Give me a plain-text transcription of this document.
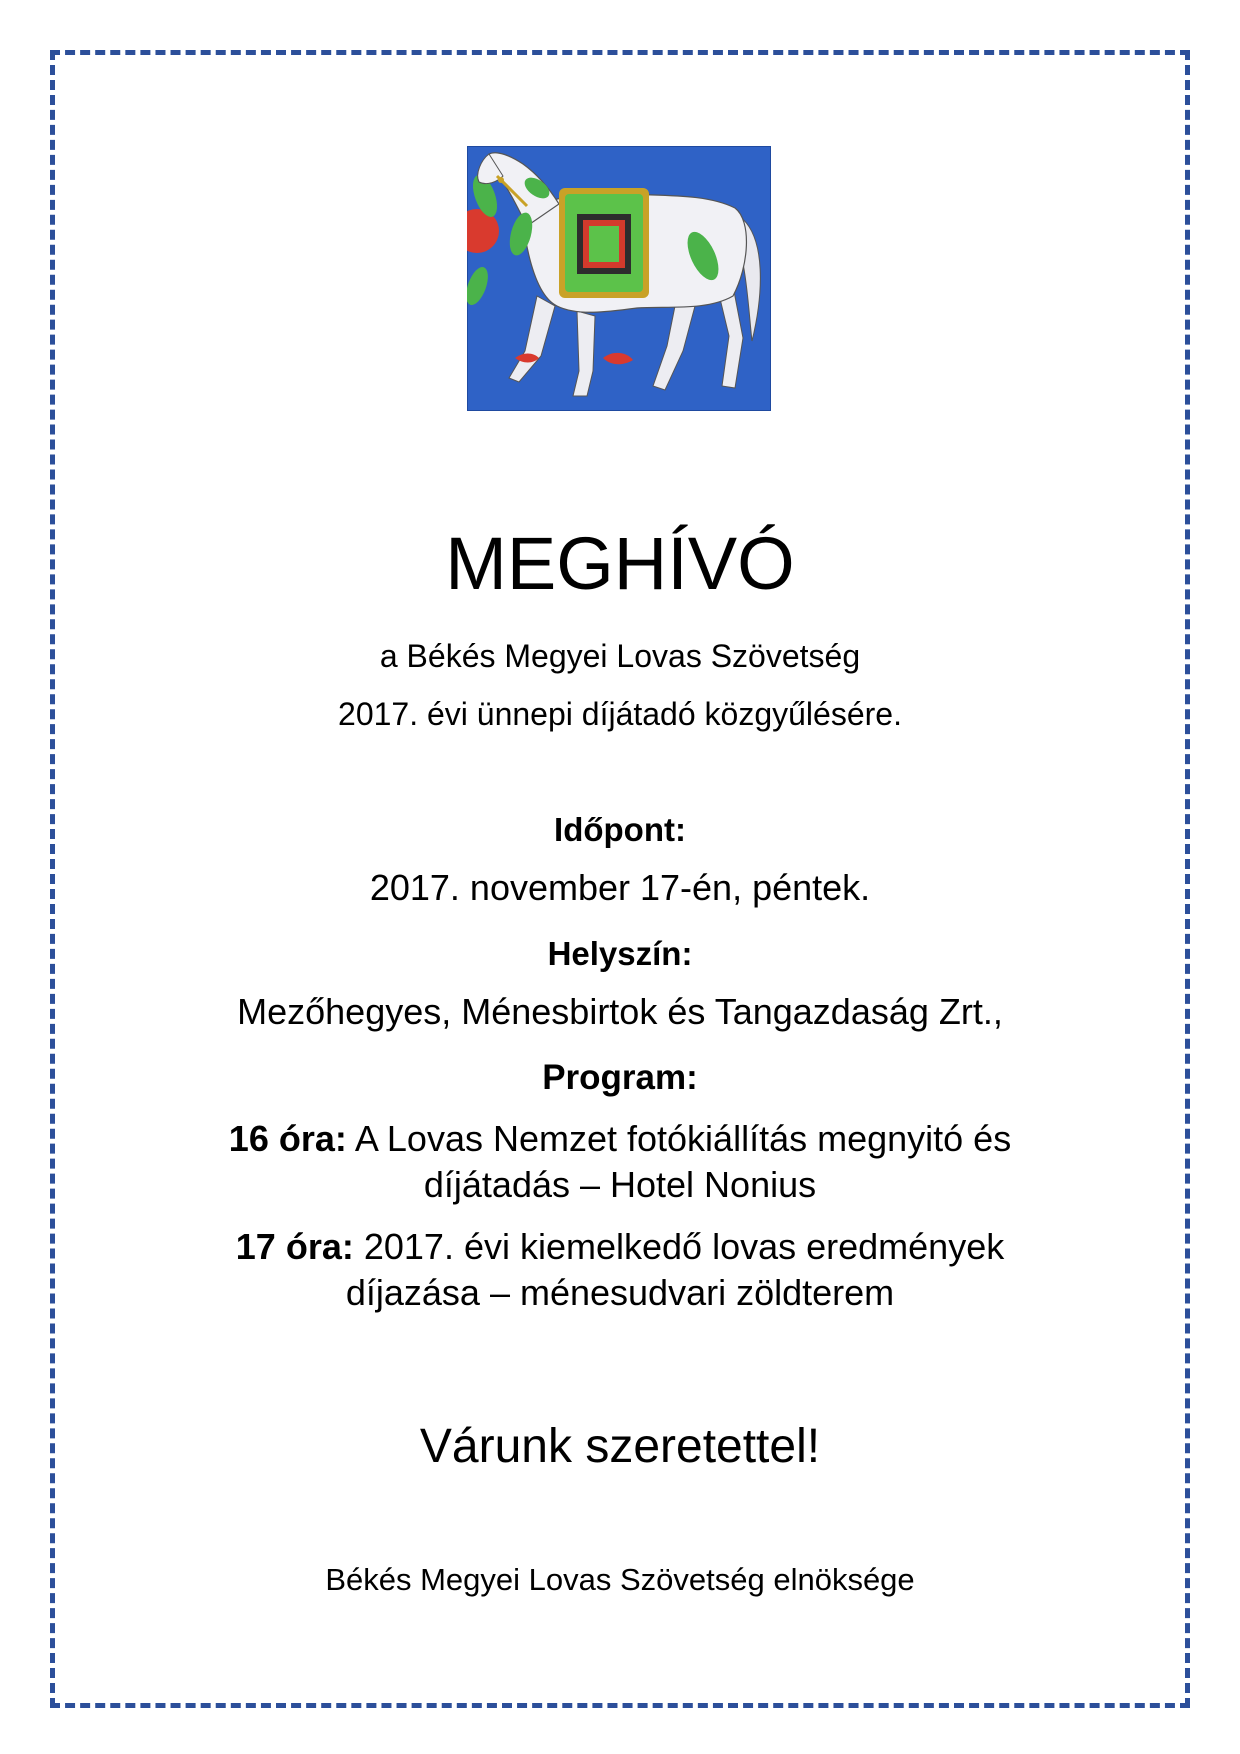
MEGHÍVÓ
a Békés Megyei Lovas Szövetség
2017. évi ünnepi díjátadó közgyűlésére.
Időpont:
2017. november 17-én, péntek.
Helyszín:
Mezőhegyes, Ménesbirtok és Tangazdaság Zrt.,
Program:
16 óra: A Lovas Nemzet fotókiállítás megnyitó és
díjátadás – Hotel Nonius
17 óra: 2017. évi kiemelkedő lovas eredmények
díjazása – ménesudvari zöldterem
Várunk szeretettel!
Békés Megyei Lovas Szövetség elnöksége
